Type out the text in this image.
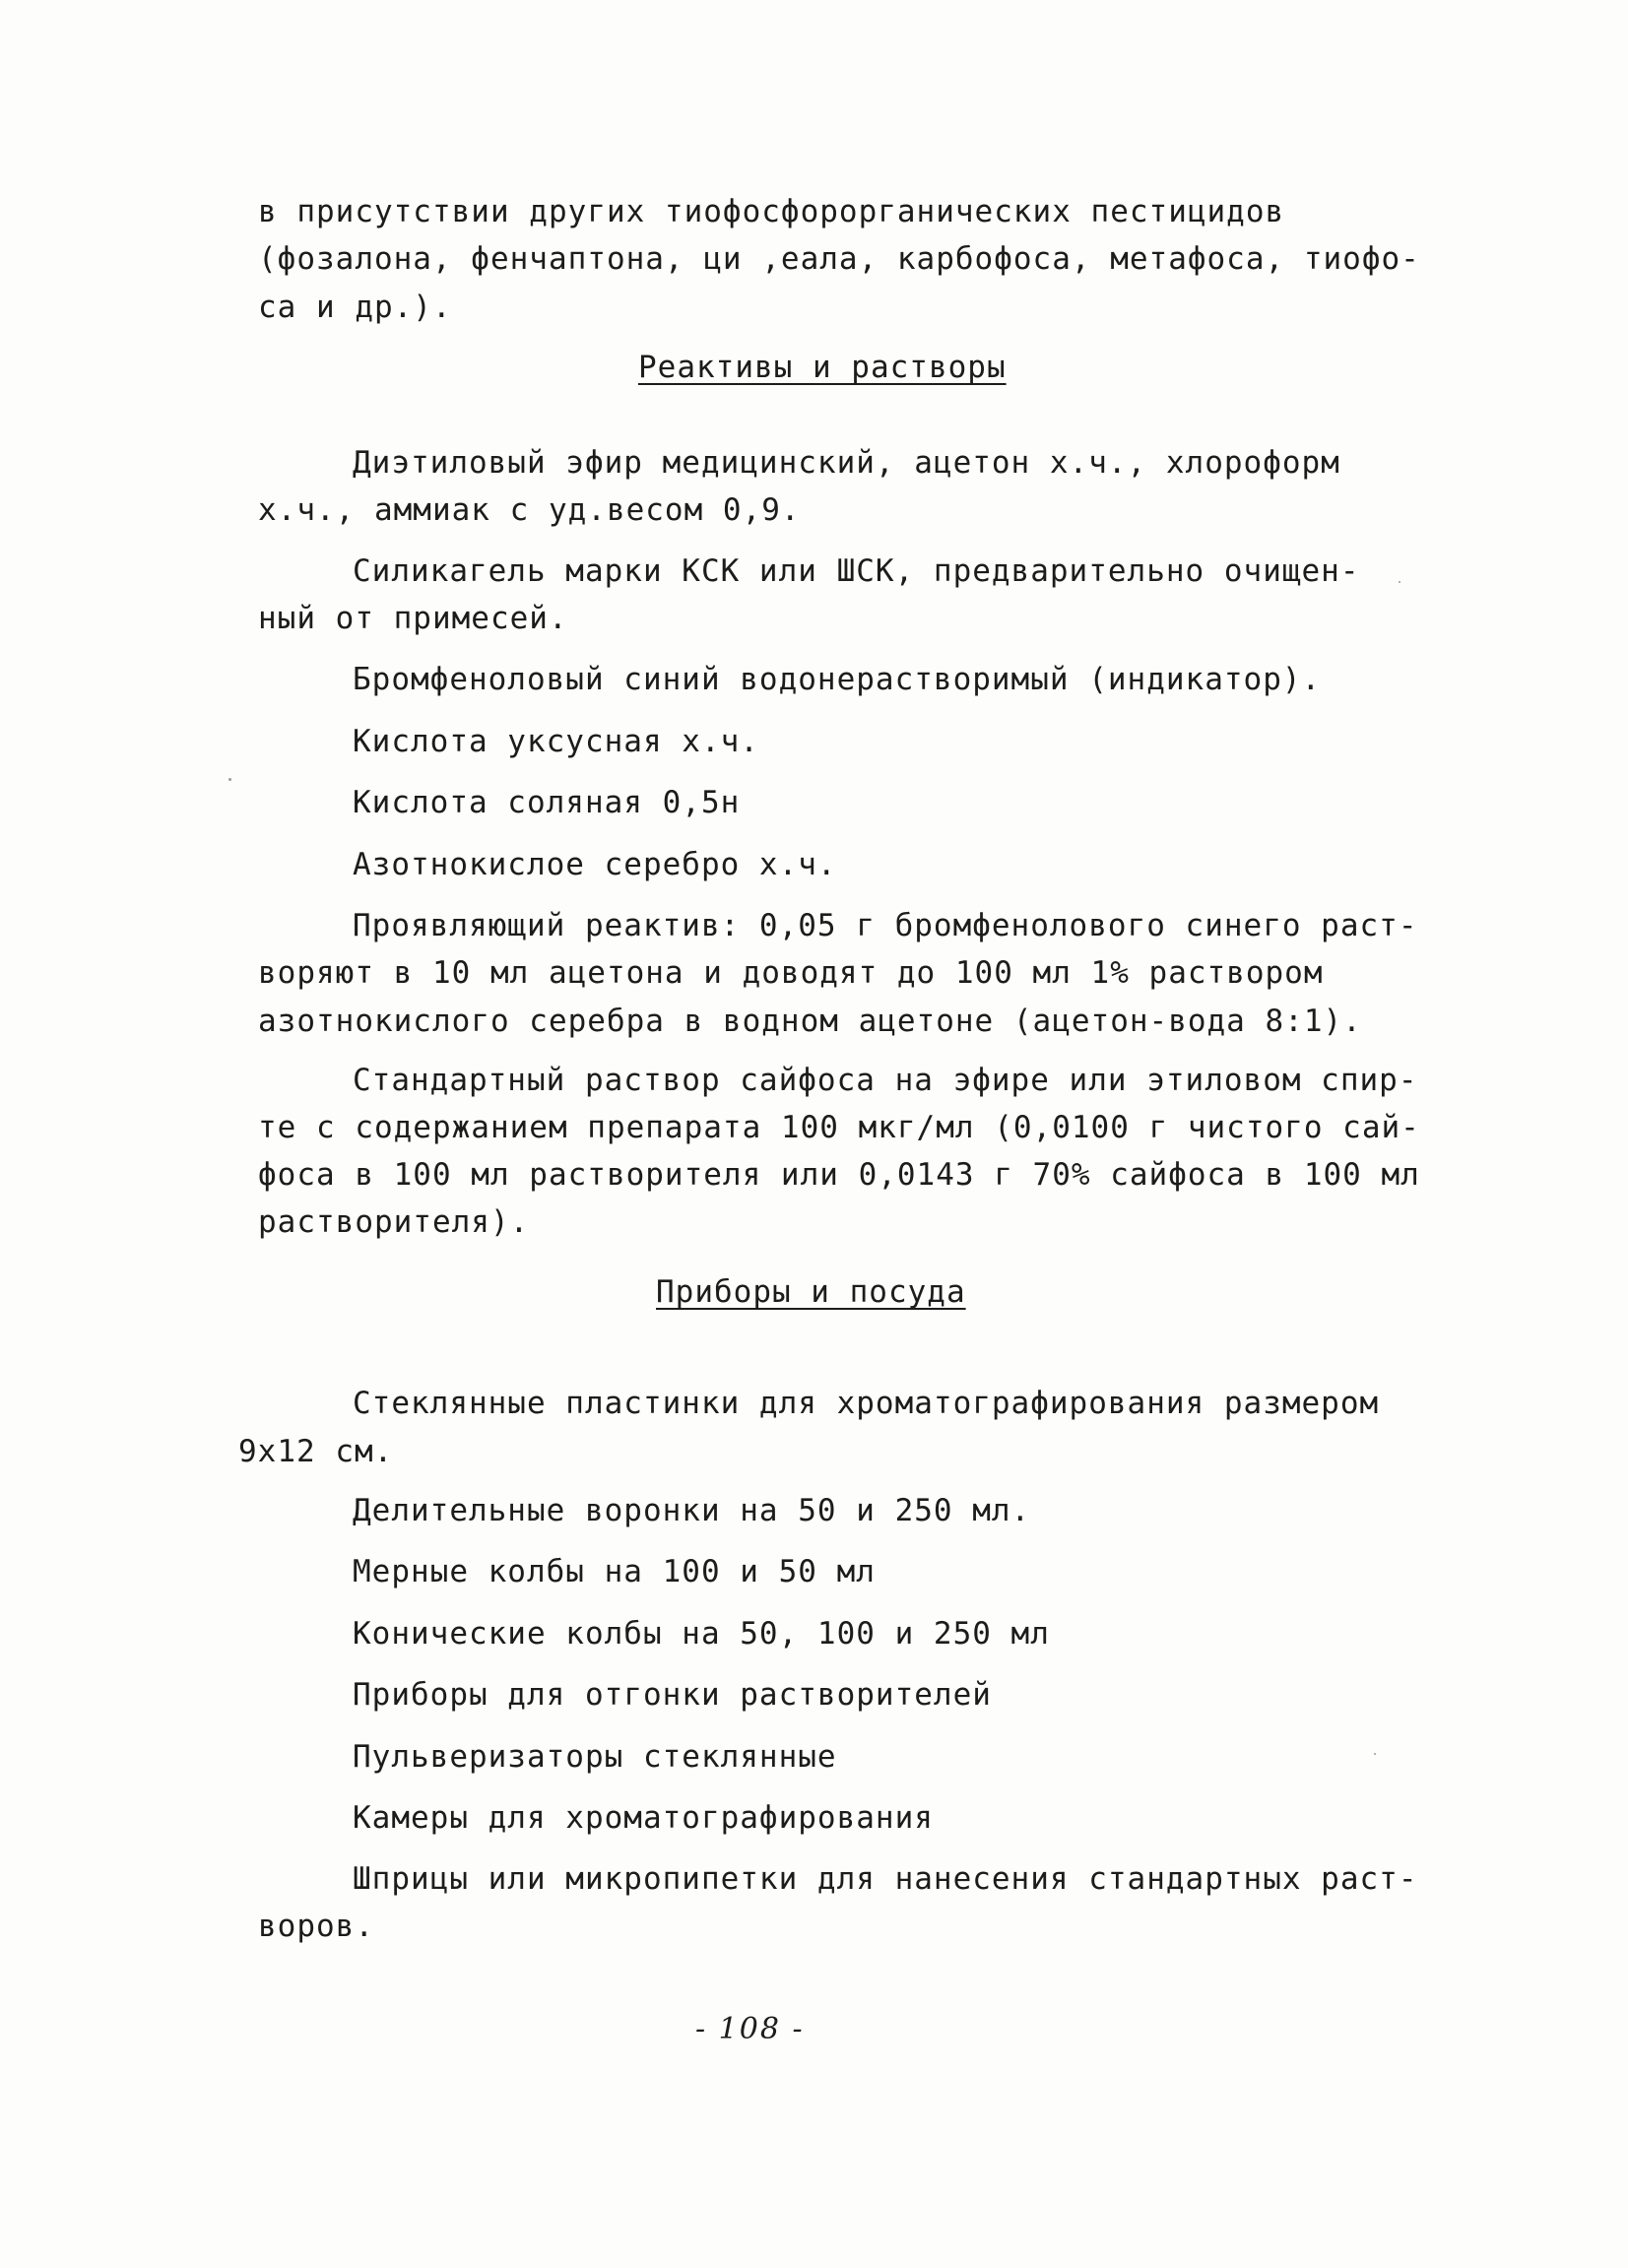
в присутствии других тиофосфорорганических пестицидов
(фозалона, фенчаптона, ци ,еала, карбофоса, метафоса, тиофо-
са и др.).
Реактивы и растворы
Диэтиловый эфир медицинский, ацетон х.ч., хлороформ
х.ч., аммиак с уд.весом 0,9.
Силикагель марки КСК или ШСК, предварительно очищен-
ный от примесей.
Бромфеноловый синий водонерастворимый (индикатор).
Кислота уксусная х.ч.
Кислота соляная 0,5н
Азотнокислое серебро х.ч.
Проявляющий реактив: 0,05 г бромфенолового синего раст-
воряют в 10 мл ацетона и доводят до 100 мл 1% раствором
азотнокислого серебра в водном ацетоне (ацетон-вода 8:1).
Стандартный раствор сайфоса на эфире или этиловом спир-
те с содержанием препарата 100 мкг/мл (0,0100 г чистого сай-
фоса в 100 мл растворителя или 0,0143 г 70% сайфоса в 100 мл
растворителя).
Приборы и посуда
Стеклянные пластинки для хроматографирования размером
9х12 см.
Делительные воронки на 50 и 250 мл.
Мерные колбы на 100 и 50 мл
Конические колбы на 50, 100 и 250 мл
Приборы для отгонки растворителей
Пульверизаторы стеклянные
Камеры для хроматографирования
Шприцы или микропипетки для нанесения стандартных раст-
воров.
- 108 -
